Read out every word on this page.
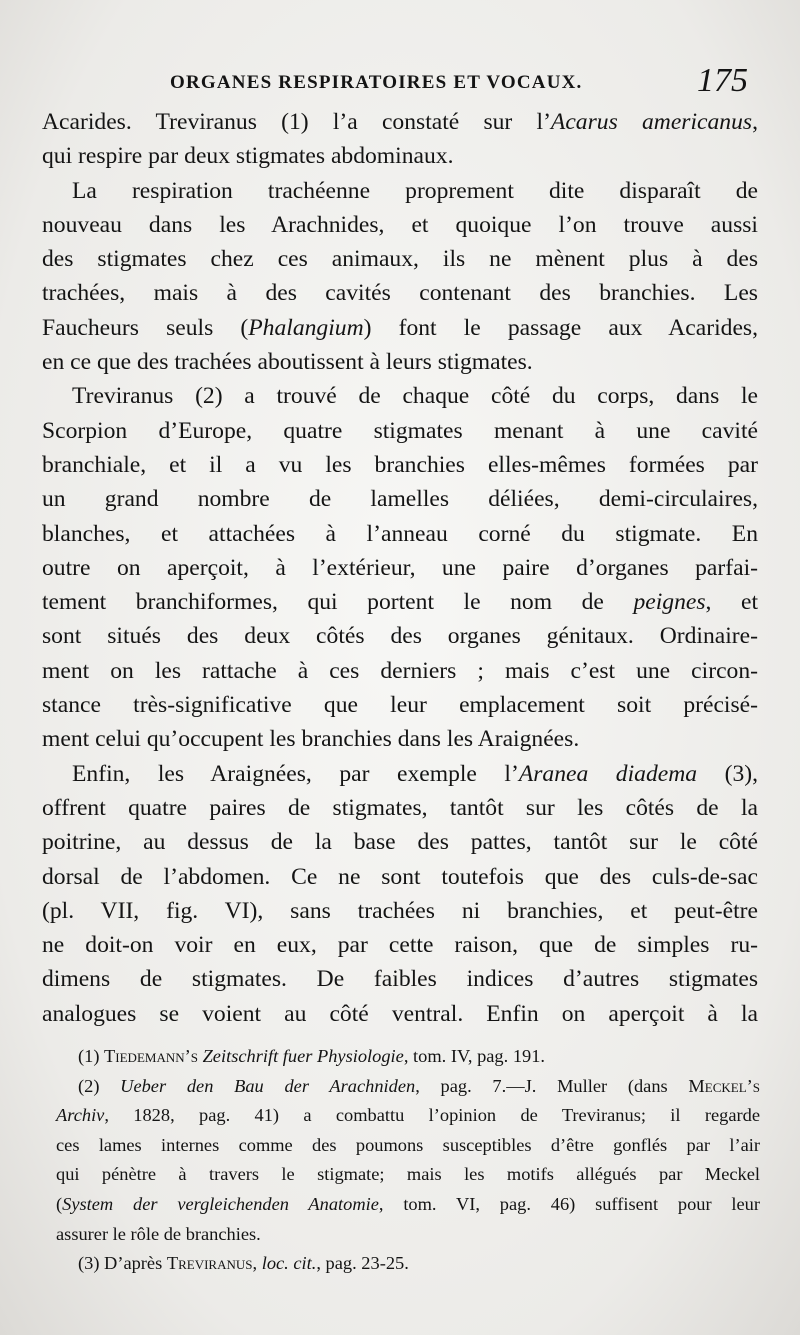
ORGANES RESPIRATOIRES ET VOCAUX.	175
Acarides. Treviranus (1) l’a constaté sur l’Acarus americanus,
qui respire par deux stigmates abdominaux.
La respiration trachéenne proprement dite disparaît de
nouveau dans les Arachnides, et quoique l’on trouve aussi
des stigmates chez ces animaux, ils ne mènent plus à des
trachées, mais à des cavités contenant des branchies. Les
Faucheurs seuls (Phalangium) font le passage aux Acarides,
en ce que des trachées aboutissent à leurs stigmates.
Treviranus (2) a trouvé de chaque côté du corps, dans le
Scorpion d’Europe, quatre stigmates menant à une cavité
branchiale, et il a vu les branchies elles-mêmes formées par
un grand nombre de lamelles déliées, demi-circulaires,
blanches, et attachées à l’anneau corné du stigmate. En
outre on aperçoit, à l’extérieur, une paire d’organes parfai-
tement branchiformes, qui portent le nom de peignes, et
sont situés des deux côtés des organes génitaux. Ordinaire-
ment on les rattache à ces derniers ; mais c’est une circon-
stance très-significative que leur emplacement soit précisé-
ment celui qu’occupent les branchies dans les Araignées.
Enfin, les Araignées, par exemple l’Aranea diadema (3),
offrent quatre paires de stigmates, tantôt sur les côtés de la
poitrine, au dessus de la base des pattes, tantôt sur le côté
dorsal de l’abdomen. Ce ne sont toutefois que des culs-de-sac
(pl. VII, fig. VI), sans trachées ni branchies, et peut-être
ne doit-on voir en eux, par cette raison, que de simples ru-
dimens de stigmates. De faibles indices d’autres stigmates
analogues se voient au côté ventral. Enfin on aperçoit à la
(1) Tiedemann’s Zeitschrift fuer Physiologie, tom. IV, pag. 191.
(2) Ueber den Bau der Arachniden, pag. 7.—J. Muller (dans Meckel’s
Archiv, 1828, pag. 41) a combattu l’opinion de Treviranus; il regarde
ces lames internes comme des poumons susceptibles d’être gonflés par l’air
qui pénètre à travers le stigmate; mais les motifs allégués par Meckel
(System der vergleichenden Anatomie, tom. VI, pag. 46) suffisent pour leur
assurer le rôle de branchies.
(3) D’après Treviranus, loc. cit., pag. 23-25.
